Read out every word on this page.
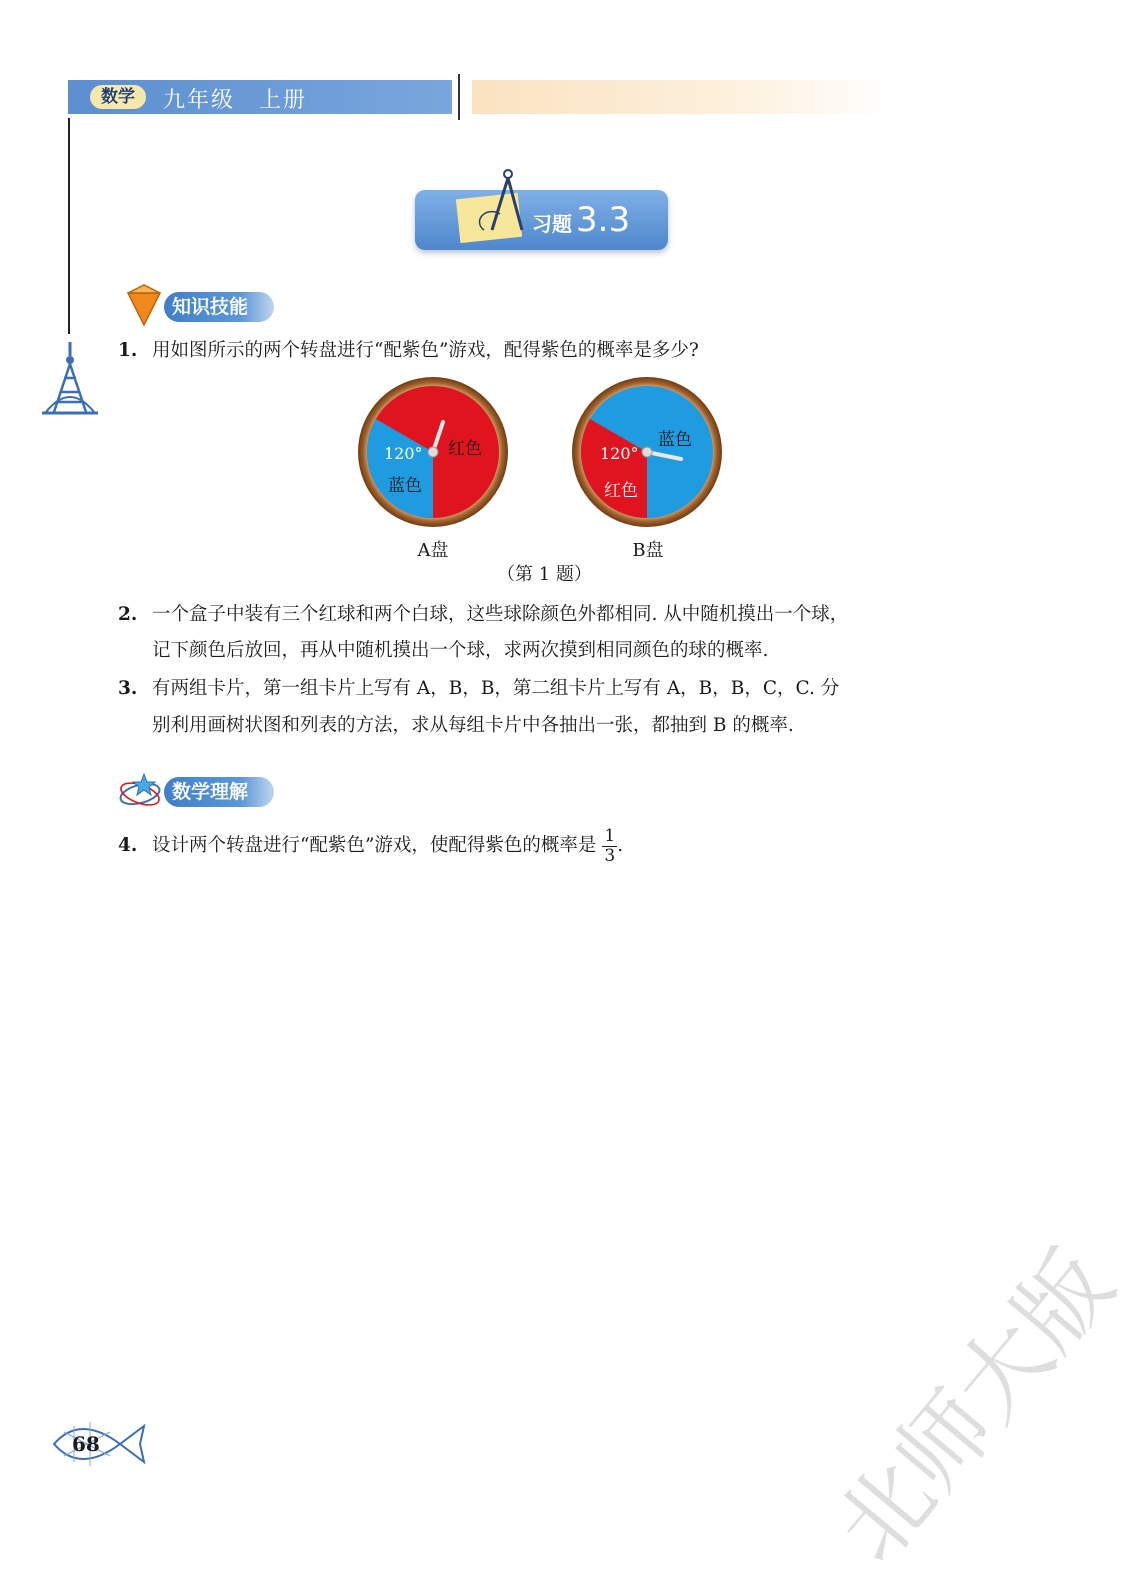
数学	九年级　上册
习题 3.3
知识技能
1. 用如图所示的两个转盘进行“配紫色”游戏，配得紫色的概率是多少?
120°
蓝色
红色	120°
红色
蓝色
A盘	B盘
（第 1 题）
2. 一个盒子中装有三个红球和两个白球，这些球除颜色外都相同. 从中随机摸出一个球，
记下颜色后放回，再从中随机摸出一个球，求两次摸到相同颜色的球的概率.
3. 有两组卡片，第一组卡片上写有 A，B，B，第二组卡片上写有 A，B，B，C，C. 分
别利用画树状图和列表的方法，求从每组卡片中各抽出一张，都抽到 B 的概率.
数学理解
4. 设计两个转盘进行“配紫色”游戏，使配得紫色的概率是 $\frac{1}{3}$ .
68	北师大版
